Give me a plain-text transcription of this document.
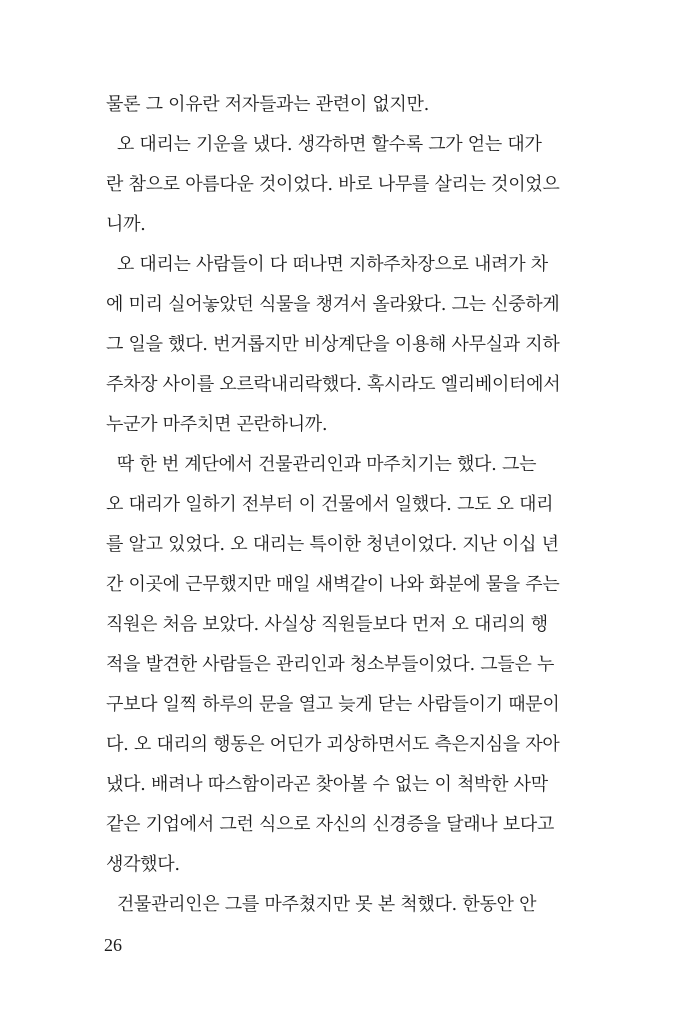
물론 그 이유란 저자들과는 관련이 없지만.
오 대리는 기운을 냈다. 생각하면 할수록 그가 얻는 대가
란 참으로 아름다운 것이었다. 바로 나무를 살리는 것이었으
니까.
오 대리는 사람들이 다 떠나면 지하주차장으로 내려가 차
에 미리 실어놓았던 식물을 챙겨서 올라왔다. 그는 신중하게
그 일을 했다. 번거롭지만 비상계단을 이용해 사무실과 지하
주차장 사이를 오르락내리락했다. 혹시라도 엘리베이터에서
누군가 마주치면 곤란하니까.
딱 한 번 계단에서 건물관리인과 마주치기는 했다. 그는
오 대리가 일하기 전부터 이 건물에서 일했다. 그도 오 대리
를 알고 있었다. 오 대리는 특이한 청년이었다. 지난 이십 년
간 이곳에 근무했지만 매일 새벽같이 나와 화분에 물을 주는
직원은 처음 보았다. 사실상 직원들보다 먼저 오 대리의 행
적을 발견한 사람들은 관리인과 청소부들이었다. 그들은 누
구보다 일찍 하루의 문을 열고 늦게 닫는 사람들이기 때문이
다. 오 대리의 행동은 어딘가 괴상하면서도 측은지심을 자아
냈다. 배려나 따스함이라곤 찾아볼 수 없는 이 척박한 사막
같은 기업에서 그런 식으로 자신의 신경증을 달래나 보다고
생각했다.
건물관리인은 그를 마주쳤지만 못 본 척했다. 한동안 안
26
